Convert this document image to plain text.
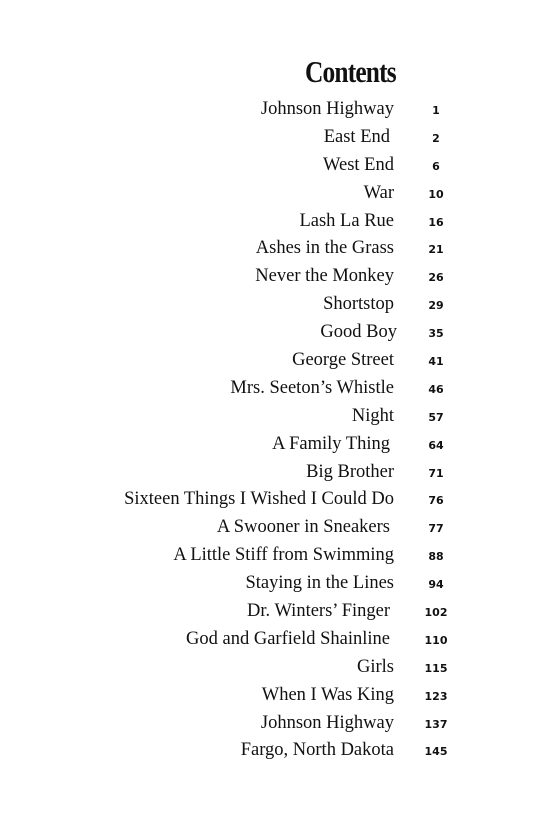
Contents
Johnson Highway	1
East End	2
West End	6
War	10
Lash La Rue	16
Ashes in the Grass	21
Never the Monkey	26
Shortstop	29
Good Boy	35
George Street	41
Mrs. Seeton’s Whistle	46
Night	57
A Family Thing	64
Big Brother	71
Sixteen Things I Wished I Could Do	76
A Swooner in Sneakers	77
A Little Stiff from Swimming	88
Staying in the Lines	94
Dr. Winters’ Finger	102
God and Garfield Shainline	110
Girls	115
When I Was King	123
Johnson Highway	137
Fargo, North Dakota	145
